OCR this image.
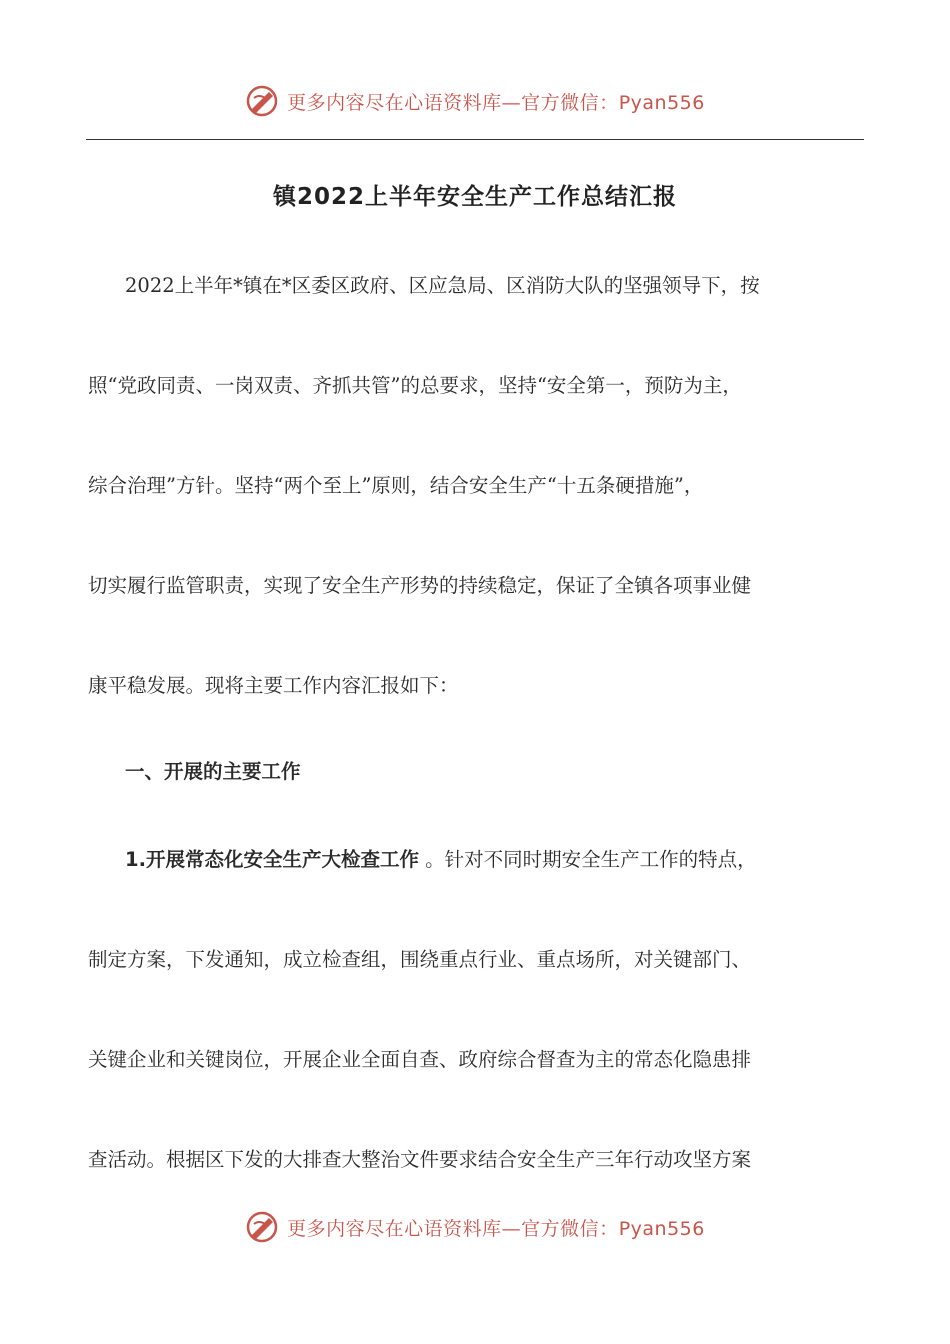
更多内容尽在心语资料库—官方微信：Pyan556
镇2022上半年安全生产工作总结汇报
2022上半年*镇在*区委区政府、区应急局、区消防大队的坚强领导下，按
照“党政同责、一岗双责、齐抓共管”的总要求，坚持“安全第一，预防为主，
综合治理”方针。坚持“两个至上”原则，结合安全生产“十五条硬措施”，
切实履行监管职责，实现了安全生产形势的持续稳定，保证了全镇各项事业健
康平稳发展。现将主要工作内容汇报如下：
一、开展的主要工作
1.开展常态化安全生产大检查工作 。针对不同时期安全生产工作的特点，
制定方案，下发通知，成立检查组，围绕重点行业、重点场所，对关键部门、
关键企业和关键岗位，开展企业全面自查、政府综合督查为主的常态化隐患排
查活动。根据区下发的大排查大整治文件要求结合安全生产三年行动攻坚方案
更多内容尽在心语资料库—官方微信：Pyan556
